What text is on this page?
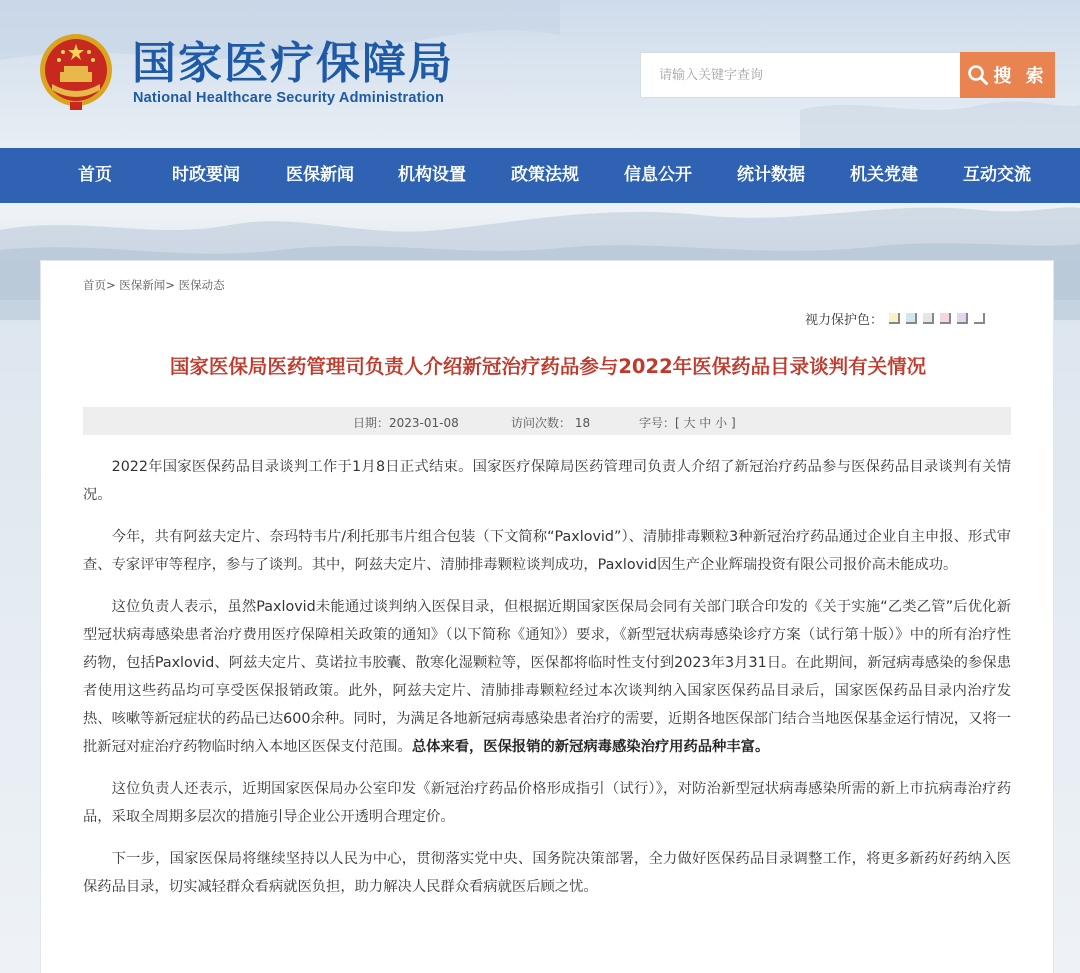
国家医疗保障局
National Healthcare Security Administration
请输入关键字查询
搜 索
首页	时政要闻	医保新闻	机构设置	政策法规	信息公开	统计数据	机关党建	互动交流
首页> 医保新闻> 医保动态
视力保护色：
国家医保局医药管理司负责人介绍新冠治疗药品参与2022年医保药品目录谈判有关情况
日期：2023-01-08	访问次数： 18	字号：[ 大 中 小 ]

2022年国家医保药品目录谈判工作于1月8日正式结束。国家医疗保障局医药管理司负责人介绍了新冠治疗药品参与医保药品目录谈判有关情况。

今年，共有阿兹夫定片、奈玛特韦片/利托那韦片组合包装（下文简称“Paxlovid”）、清肺排毒颗粒3种新冠治疗药品通过企业自主申报、形式审查、专家评审等程序，参与了谈判。其中，阿兹夫定片、清肺排毒颗粒谈判成功，Paxlovid因生产企业辉瑞投资有限公司报价高未能成功。

这位负责人表示，虽然Paxlovid未能通过谈判纳入医保目录，但根据近期国家医保局会同有关部门联合印发的《关于实施“乙类乙管”后优化新型冠状病毒感染患者治疗费用医疗保障相关政策的通知》（以下简称《通知》）要求，《新型冠状病毒感染诊疗方案（试行第十版）》中的所有治疗性药物，包括Paxlovid、阿兹夫定片、莫诺拉韦胶囊、散寒化湿颗粒等，医保都将临时性支付到2023年3月31日。在此期间，新冠病毒感染的参保患者使用这些药品均可享受医保报销政策。此外，阿兹夫定片、清肺排毒颗粒经过本次谈判纳入国家医保药品目录后，国家医保药品目录内治疗发热、咳嗽等新冠症状的药品已达600余种。同时，为满足各地新冠病毒感染患者治疗的需要，近期各地医保部门结合当地医保基金运行情况，又将一批新冠对症治疗药物临时纳入本地区医保支付范围。总体来看，医保报销的新冠病毒感染治疗用药品种丰富。

这位负责人还表示，近期国家医保局办公室印发《新冠治疗药品价格形成指引（试行）》，对防治新型冠状病毒感染所需的新上市抗病毒治疗药品，采取全周期多层次的措施引导企业公开透明合理定价。

下一步，国家医保局将继续坚持以人民为中心，贯彻落实党中央、国务院决策部署，全力做好医保药品目录调整工作，将更多新药好药纳入医保药品目录，切实减轻群众看病就医负担，助力解决人民群众看病就医后顾之忧。
